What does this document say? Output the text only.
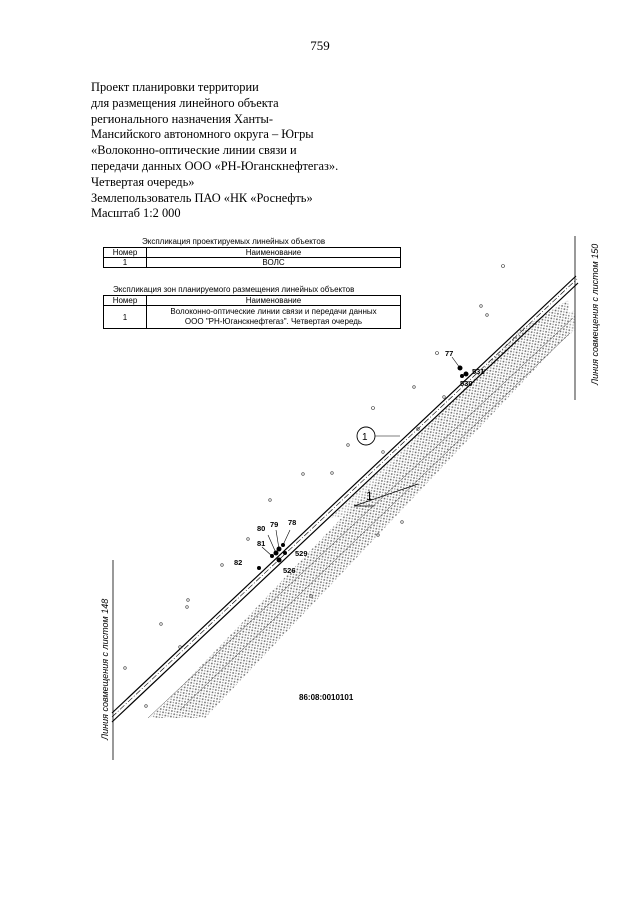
759
Проект планировки территории
для размещения линейного объекта
регионального назначения Ханты-
Мансийского автономного округа – Югры
«Волоконно-оптические линии связи и
передачи данных ООО «РН-Юганскнефтегаз».
Четвертая очередь»
Землепользователь ПАО «НК «Роснефть»
Масштаб 1:2 000
Экспликация проектируемых линейных объектов
Номер	Наименование
1	ВОЛС
Экспликация зон планируемого размещения линейных объектов
Номер	Наименование
1	Волоконно-оптические линии связи и передачи данных
ООО "РН-Юганскнефтегаз". Четвертая очередь
77
531
530
80 79 78
81
82
529
526
1
1
86:08:0010101
Линия совмещения с листом 148
Линия совмещения с листом 150
